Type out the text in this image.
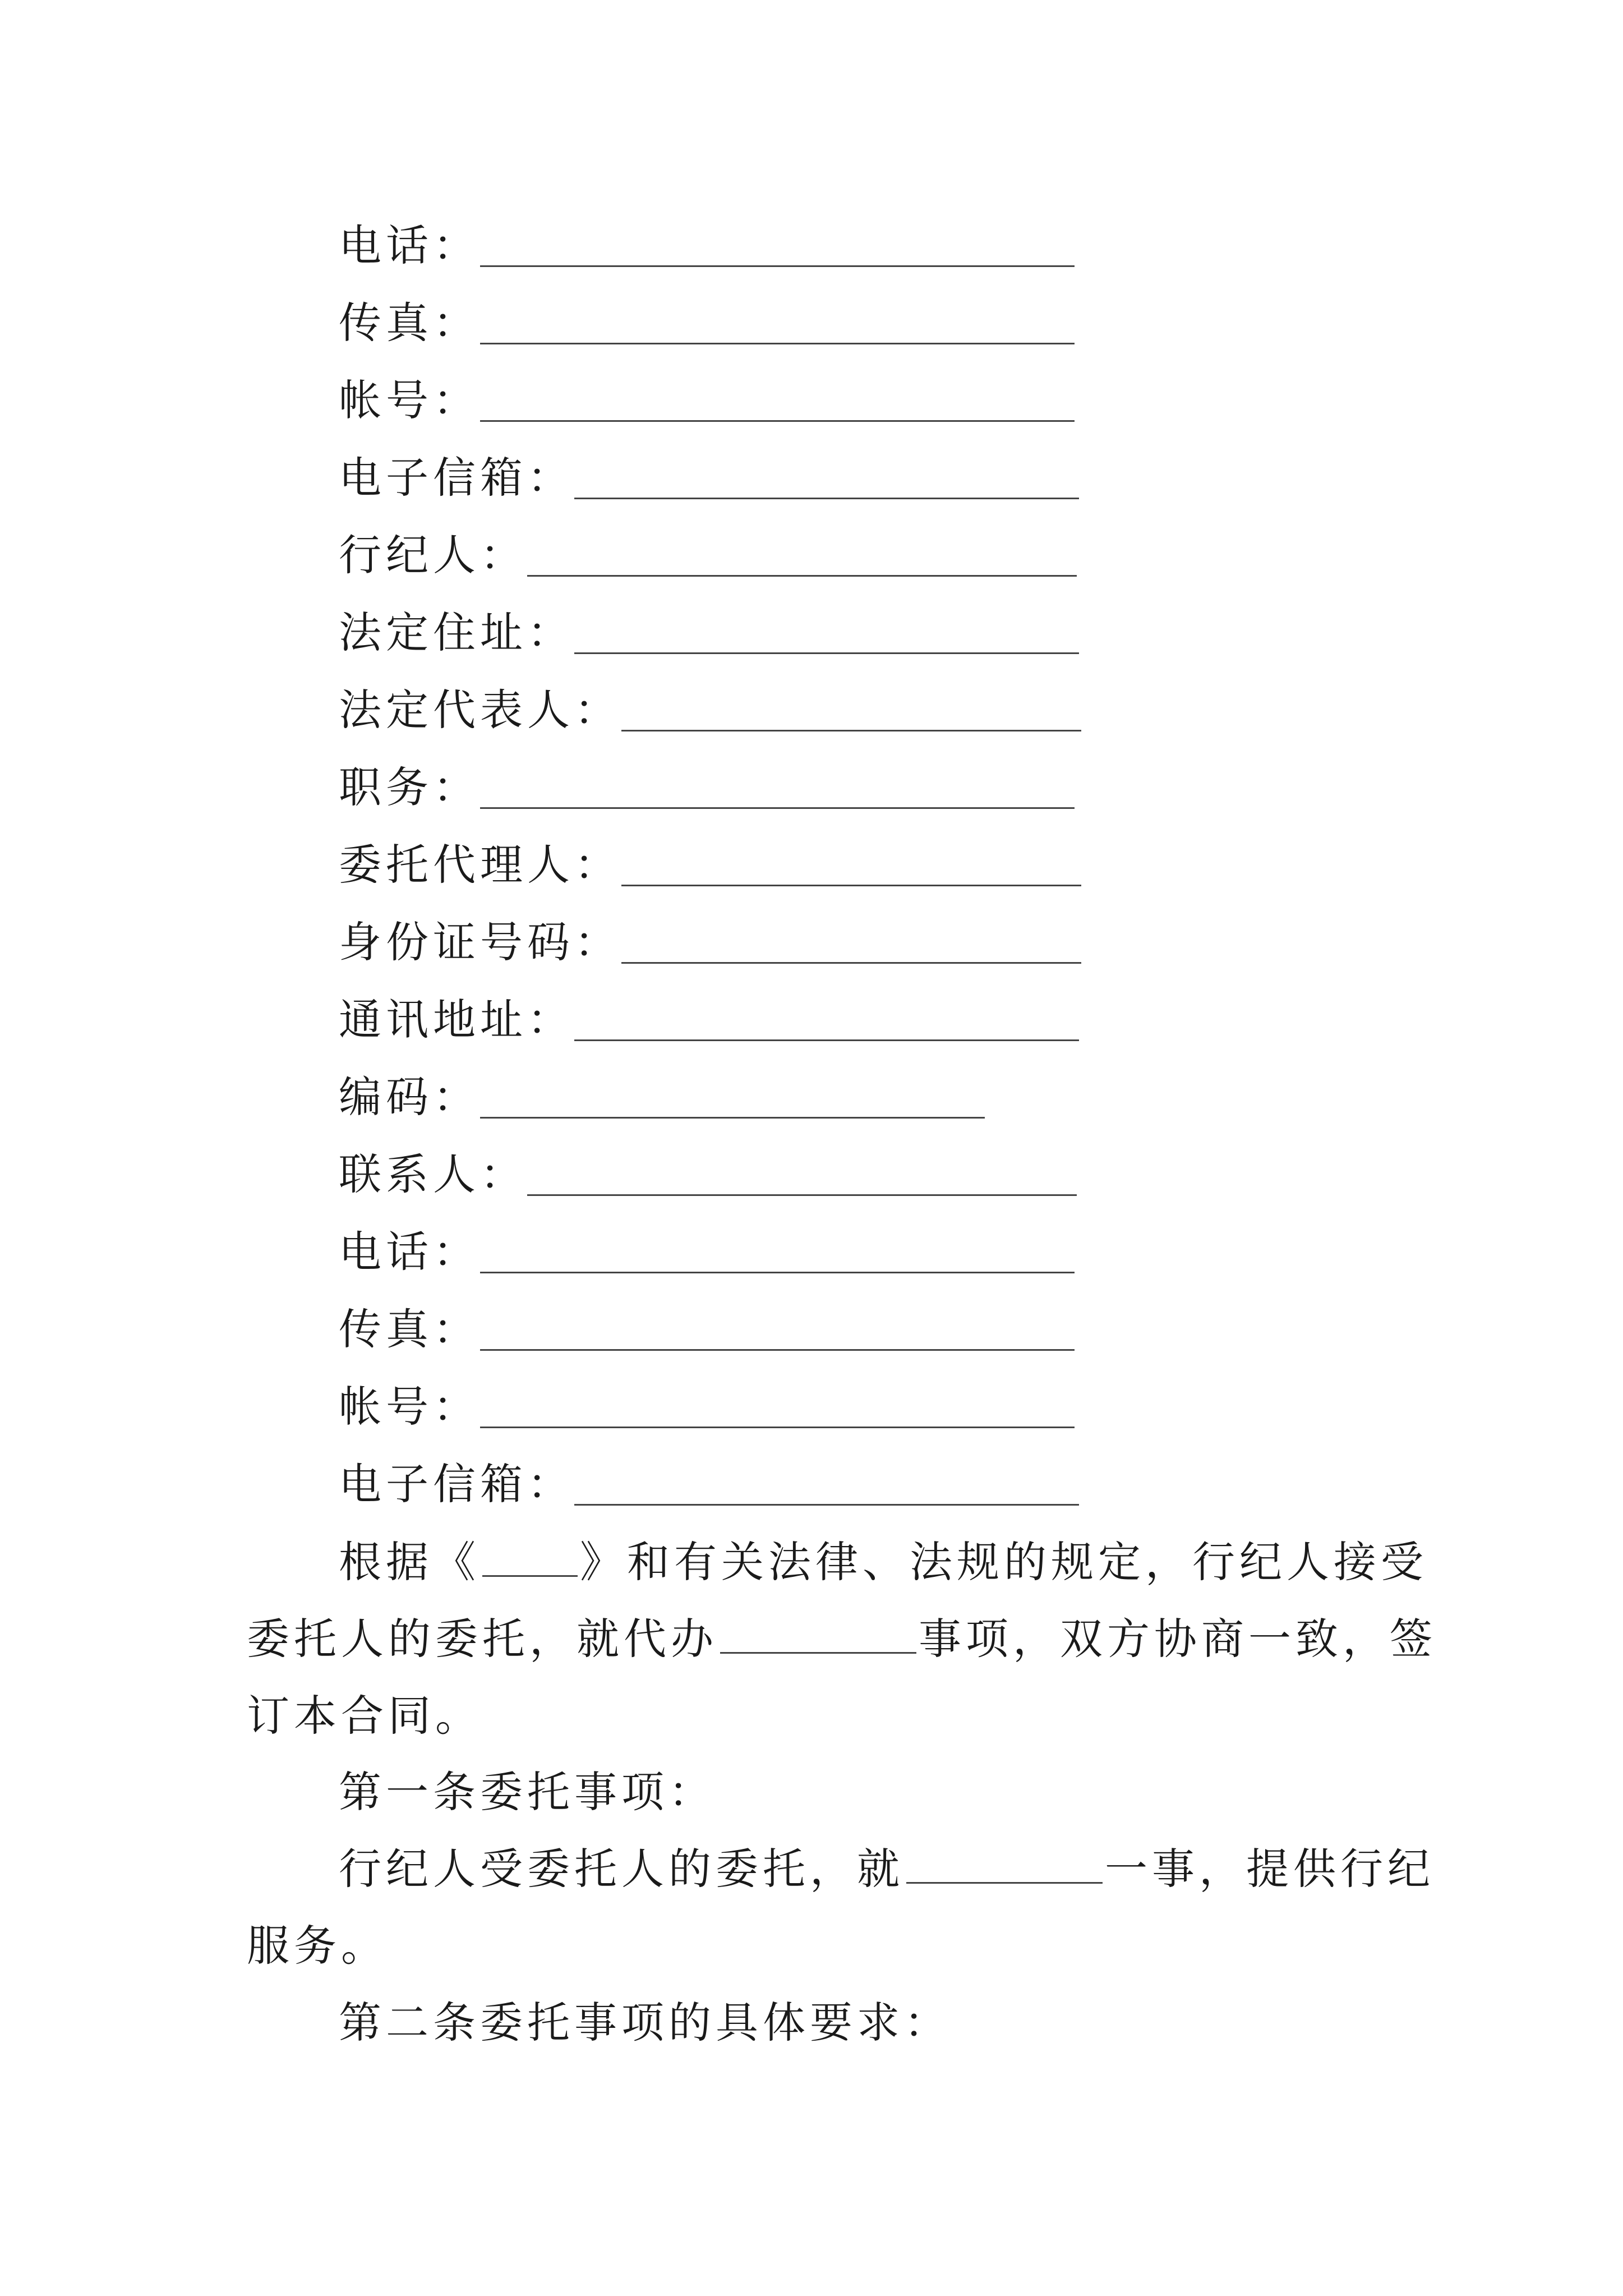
电话：
传真：
帐号：
电子信箱：
行纪人：
法定住址：
法定代表人：
职务：
委托代理人：
身份证号码：
通讯地址：
编码：
联系人：
电话：
传真：
帐号：
电子信箱：
根据《 》和有关法律、法规的规定，行纪人接受
委托人的委托，就代办	事项，双方协商一致，签
订本合同。
第一条委托事项：
行纪人受委托人的委托，就	一事，提供行纪
服务。
第二条委托事项的具体要求：
